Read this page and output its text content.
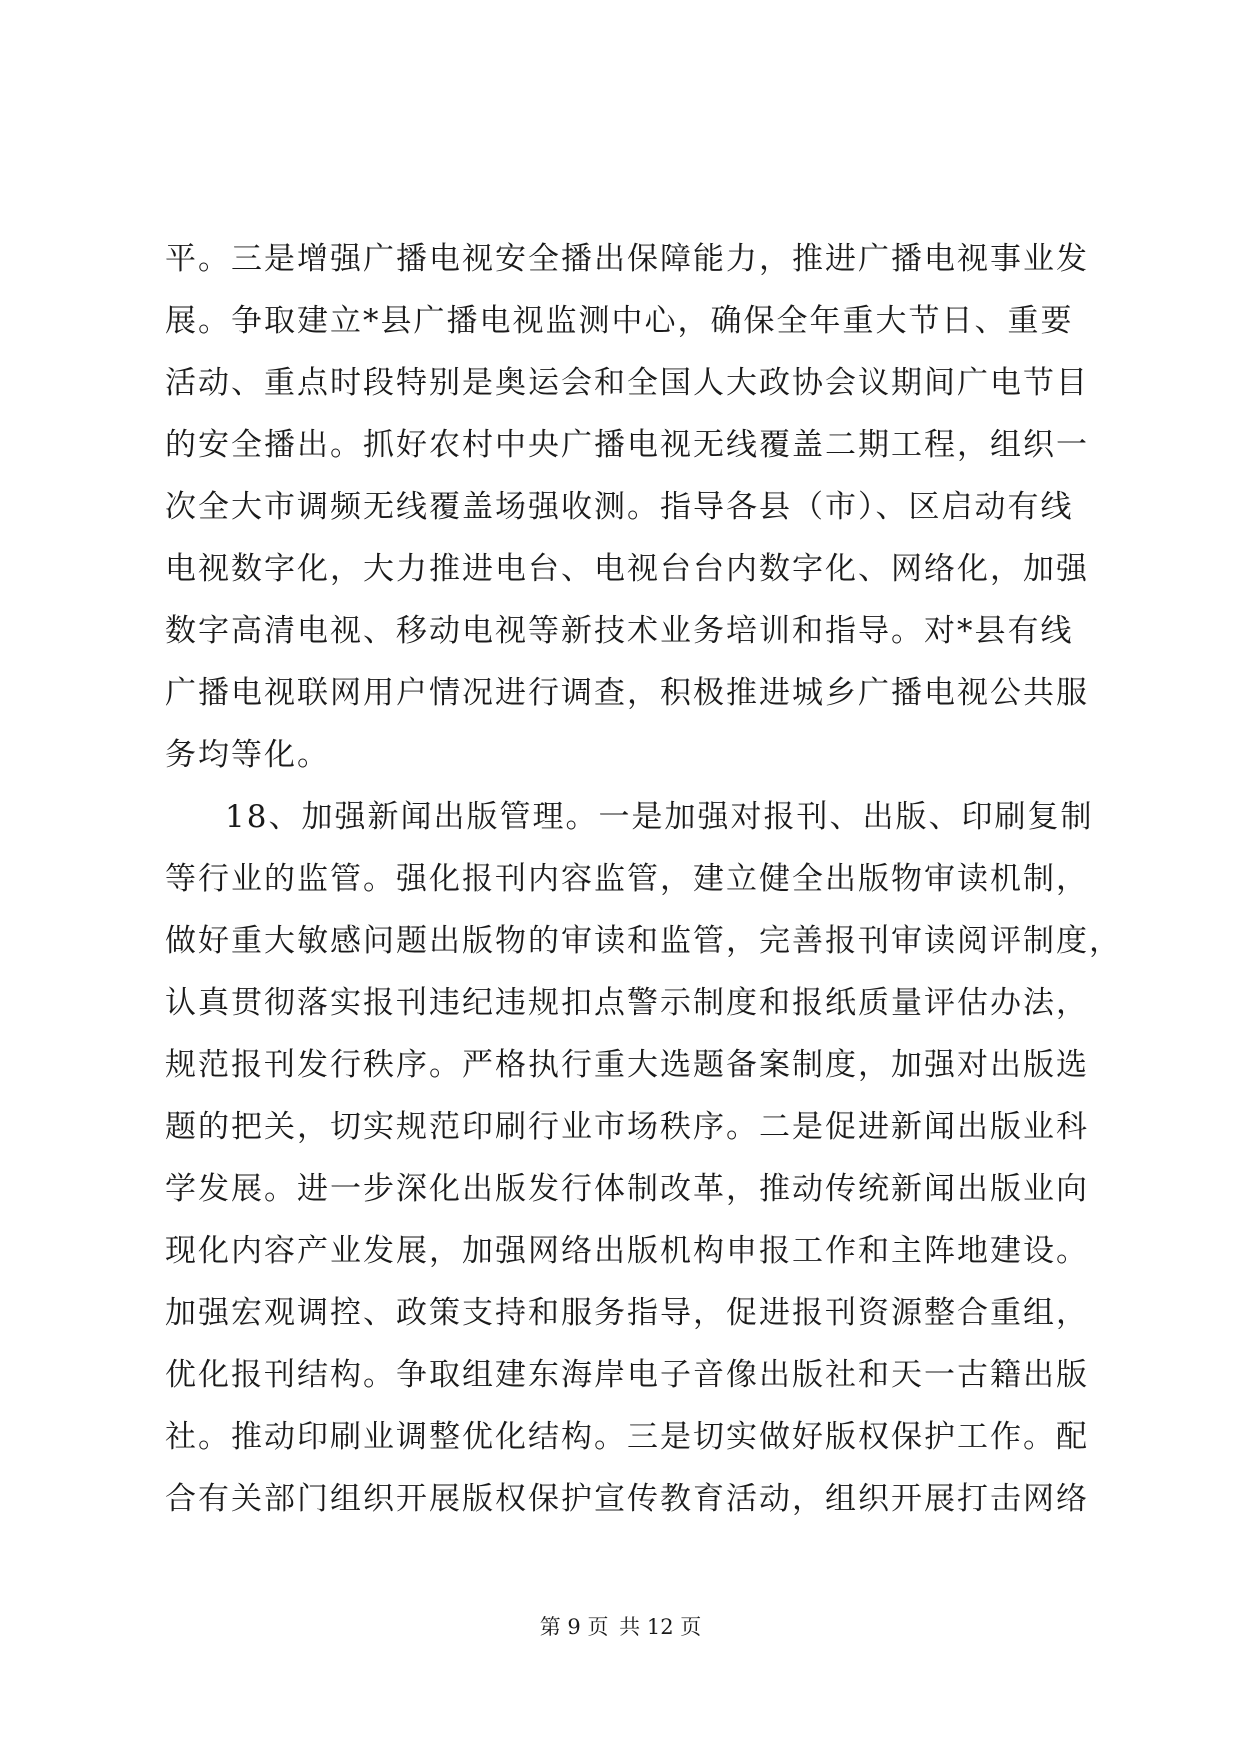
平。三是增强广播电视安全播出保障能力，推进广播电视事业发
展。争取建立*县广播电视监测中心，确保全年重大节日、重要
活动、重点时段特别是奥运会和全国人大政协会议期间广电节目
的安全播出。抓好农村中央广播电视无线覆盖二期工程，组织一
次全大市调频无线覆盖场强收测。指导各县（市）、区启动有线
电视数字化，大力推进电台、电视台台内数字化、网络化，加强
数字高清电视、移动电视等新技术业务培训和指导。对*县有线
广播电视联网用户情况进行调查，积极推进城乡广播电视公共服
务均等化。
18、加强新闻出版管理。一是加强对报刊、出版、印刷复制
等行业的监管。强化报刊内容监管，建立健全出版物审读机制，
做好重大敏感问题出版物的审读和监管，完善报刊审读阅评制度，
认真贯彻落实报刊违纪违规扣点警示制度和报纸质量评估办法，
规范报刊发行秩序。严格执行重大选题备案制度，加强对出版选
题的把关，切实规范印刷行业市场秩序。二是促进新闻出版业科
学发展。进一步深化出版发行体制改革，推动传统新闻出版业向
现化内容产业发展，加强网络出版机构申报工作和主阵地建设。
加强宏观调控、政策支持和服务指导，促进报刊资源整合重组，
优化报刊结构。争取组建东海岸电子音像出版社和天一古籍出版
社。推动印刷业调整优化结构。三是切实做好版权保护工作。配
合有关部门组织开展版权保护宣传教育活动，组织开展打击网络
第 9 页 共 12 页
